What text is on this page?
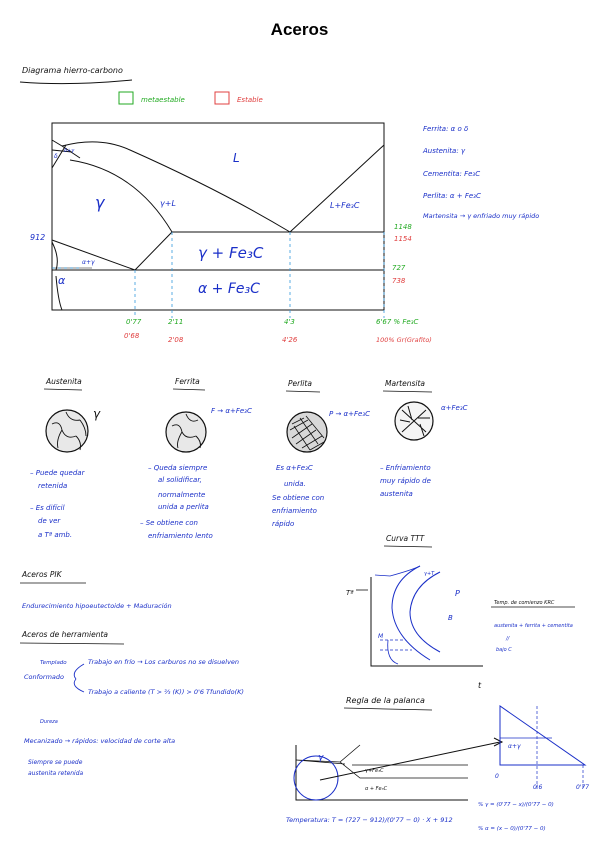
Aceros
Diagrama hierro-carbono
metaestable	Estable
L
γ	γ+L	L+Fe₃C
γ + Fe₃C
α + Fe₃C
α+γ
α
δ
δ+γ
912
1148
1154
727
738
0'77
0'68
2'11
2'08
4'3
4'26
6'67 % Fe₃C
100% Gr(Grafito)
Ferrita: α o δ
Austenita: γ
Cementita: Fe₃C
Perlita: α + Fe₃C
Martensita → γ enfriado muy rápido
Austenita	Ferrita	Perlita	Martensita
γ	F → α+Fe₃C	P → α+Fe₃C
α+Fe₃C
– Puede quedar
retenida
– Es difícil
de ver
a Tª amb.
– Queda siempre
al solidificar,
normalmente
unida a perlita
– Se obtiene con
enfriamiento lento
Es α+Fe₃C
unida.
Se obtiene con
enfriamiento
rápido
– Enfriamiento
muy rápido de
austenita
Curva TTT
Tª
γ+T
P
B
M
t
Temp. de comienzo KRC
austenita + ferrita + cementita
//
bajo C
Aceros PIK
Endurecimiento hipoeutectoide + Maduración
Aceros de herramienta
Templado
Conformado
Trabajo en frío → Los carburos no se disuelven
Trabajo a caliente (T > ⅔ (K)) > 0'6 Tfundido(K)
Dureza
Mecanizado → rápidos: velocidad de corte alta
Siempre se puede
austenita retenida
Regla de la palanca
γ
γ+Fe₃C
α + Fe₃C
α+γ
0
0'6	0'77
Temperatura: T = (727 − 912)/(0'77 − 0) · X + 912
% γ = (0'77 − x)/(0'77 − 0)
% α = (x − 0)/(0'77 − 0)
